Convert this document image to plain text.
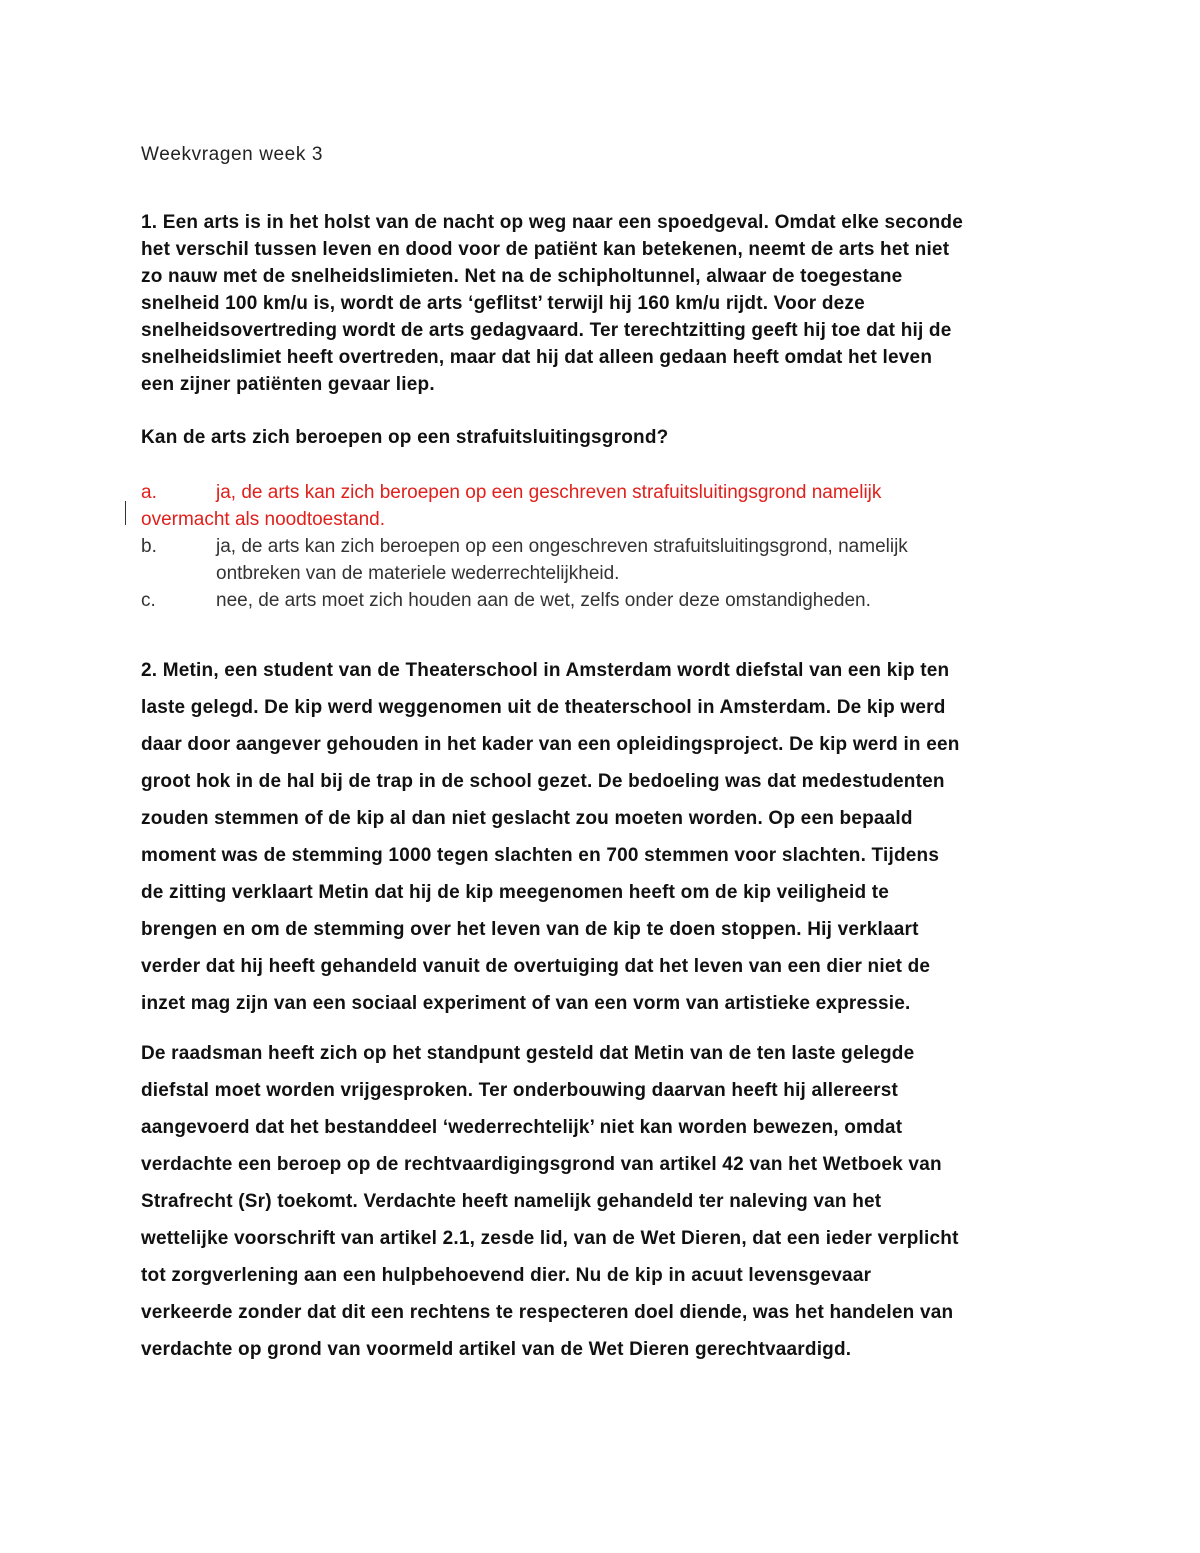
Weekvragen week 3

1. Een arts is in het holst van de nacht op weg naar een spoedgeval. Omdat elke seconde
het verschil tussen leven en dood voor de patiënt kan betekenen, neemt de arts het niet
zo nauw met de snelheidslimieten. Net na de schipholtunnel, alwaar de toegestane
snelheid 100 km/u is, wordt de arts ‘geflitst’ terwijl hij 160 km/u rijdt. Voor deze
snelheidsovertreding wordt de arts gedagvaard. Ter terechtzitting geeft hij toe dat hij de
snelheidslimiet heeft overtreden, maar dat hij dat alleen gedaan heeft omdat het leven
een zijner patiënten gevaar liep.

Kan de arts zich beroepen op een strafuitsluitingsgrond?
a.	ja, de arts kan zich beroepen op een geschreven strafuitsluitingsgrond namelijk
overmacht als noodtoestand.
b.	ja, de arts kan zich beroepen op een ongeschreven strafuitsluitingsgrond, namelijk
ontbreken van de materiele wederrechtelijkheid.
c.	nee, de arts moet zich houden aan de wet, zelfs onder deze omstandigheden.

2. Metin, een student van de Theaterschool in Amsterdam wordt diefstal van een kip ten
laste gelegd. De kip werd weggenomen uit de theaterschool in Amsterdam. De kip werd
daar door aangever gehouden in het kader van een opleidingsproject. De kip werd in een
groot hok in de hal bij de trap in de school gezet. De bedoeling was dat medestudenten
zouden stemmen of de kip al dan niet geslacht zou moeten worden. Op een bepaald
moment was de stemming 1000 tegen slachten en 700 stemmen voor slachten. Tijdens
de zitting verklaart Metin dat hij de kip meegenomen heeft om de kip veiligheid te
brengen en om de stemming over het leven van de kip te doen stoppen. Hij verklaart
verder dat hij heeft gehandeld vanuit de overtuiging dat het leven van een dier niet de
inzet mag zijn van een sociaal experiment of van een vorm van artistieke expressie.

De raadsman heeft zich op het standpunt gesteld dat Metin van de ten laste gelegde
diefstal moet worden vrijgesproken. Ter onderbouwing daarvan heeft hij allereerst
aangevoerd dat het bestanddeel ‘wederrechtelijk’ niet kan worden bewezen, omdat
verdachte een beroep op de rechtvaardigingsgrond van artikel 42 van het Wetboek van
Strafrecht (Sr) toekomt. Verdachte heeft namelijk gehandeld ter naleving van het
wettelijke voorschrift van artikel 2.1, zesde lid, van de Wet Dieren, dat een ieder verplicht
tot zorgverlening aan een hulpbehoevend dier. Nu de kip in acuut levensgevaar
verkeerde zonder dat dit een rechtens te respecteren doel diende, was het handelen van
verdachte op grond van voormeld artikel van de Wet Dieren gerechtvaardigd.
